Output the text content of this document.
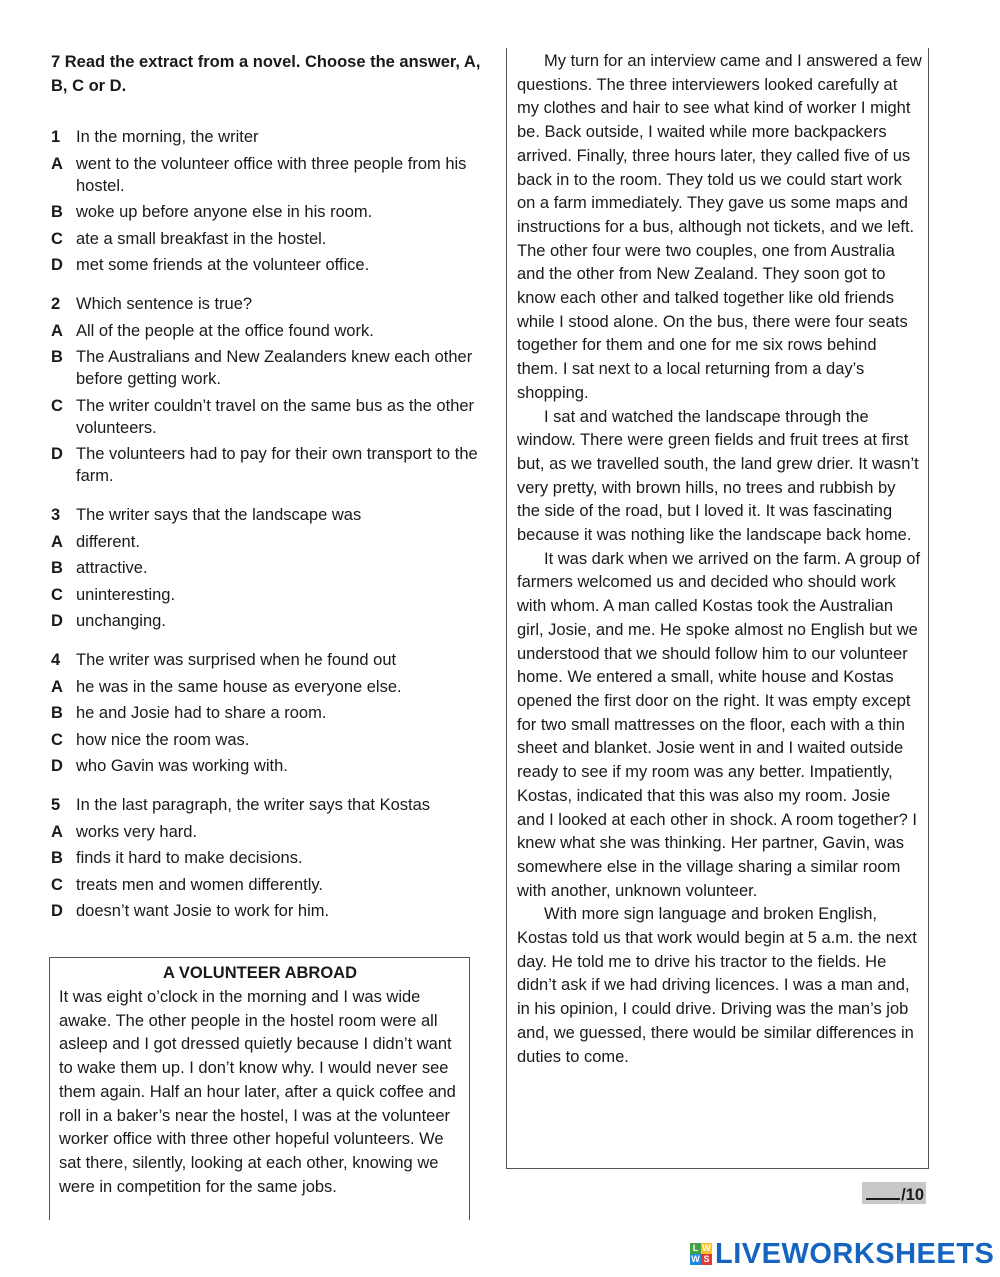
7 Read the extract from a novel. Choose the answer, A, B, C or D.

1 In the morning, the writer
A went to the volunteer office with three people from his hostel.
B woke up before anyone else in his room.
C ate a small breakfast in the hostel.
D met some friends at the volunteer office.
2 Which sentence is true?
A All of the people at the office found work.
B The Australians and New Zealanders knew each other before getting work.
C The writer couldn’t travel on the same bus as the other volunteers.
D The volunteers had to pay for their own transport to the farm.
3 The writer says that the landscape was
A different.
B attractive.
C uninteresting.
D unchanging.
4 The writer was surprised when he found out
A he was in the same house as everyone else.
B he and Josie had to share a room.
C how nice the room was.
D who Gavin was working with.
5 In the last paragraph, the writer says that Kostas
A works very hard.
B finds it hard to make decisions.
C treats men and women differently.
D doesn’t want Josie to work for him.

A VOLUNTEER ABROAD

It was eight o’clock in the morning and I was wide awake. The other people in the hostel room were all asleep and I got dressed quietly because I didn’t want to wake them up. I don’t know why. I would never see them again. Half an hour later, after a quick coffee and roll in a baker’s near the hostel, I was at the volunteer worker office with three other hopeful volunteers. We sat there, silently, looking at each other, knowing we were in competition for the same jobs.

My turn for an interview came and I answered a few questions. The three interviewers looked carefully at my clothes and hair to see what kind of worker I might be. Back outside, I waited while more backpackers arrived. Finally, three hours later, they called five of us back in to the room. They told us we could start work on a farm immediately. They gave us some maps and instructions for a bus, although not tickets, and we left. The other four were two couples, one from Australia and the other from New Zealand. They soon got to know each other and talked together like old friends while I stood alone. On the bus, there were four seats together for them and one for me six rows behind them. I sat next to a local returning from a day’s shopping.

I sat and watched the landscape through the window. There were green fields and fruit trees at first but, as we travelled south, the land grew drier. It wasn’t very pretty, with brown hills, no trees and rubbish by the side of the road, but I loved it. It was fascinating because it was nothing like the landscape back home.

It was dark when we arrived on the farm. A group of farmers welcomed us and decided who should work with whom. A man called Kostas took the Australian girl, Josie, and me. He spoke almost no English but we understood that we should follow him to our volunteer home. We entered a small, white house and Kostas opened the first door on the right. It was empty except for two small mattresses on the floor, each with a thin sheet and blanket. Josie went in and I waited outside ready to see if my room was any better. Impatiently, Kostas, indicated that this was also my room. Josie and I looked at each other in shock. A room together? I knew what she was thinking. Her partner, Gavin, was somewhere else in the village sharing a similar room with another, unknown volunteer.

With more sign language and broken English, Kostas told us that work would begin at 5 a.m. the next day. He told me to drive his tractor to the fields. He didn’t ask if we had driving licences. I was a man and, in his opinion, I could drive. Driving was the man’s job and, we guessed, there would be similar differences in duties to come.

/10
L W
W S LIVEWORKSHEETS
